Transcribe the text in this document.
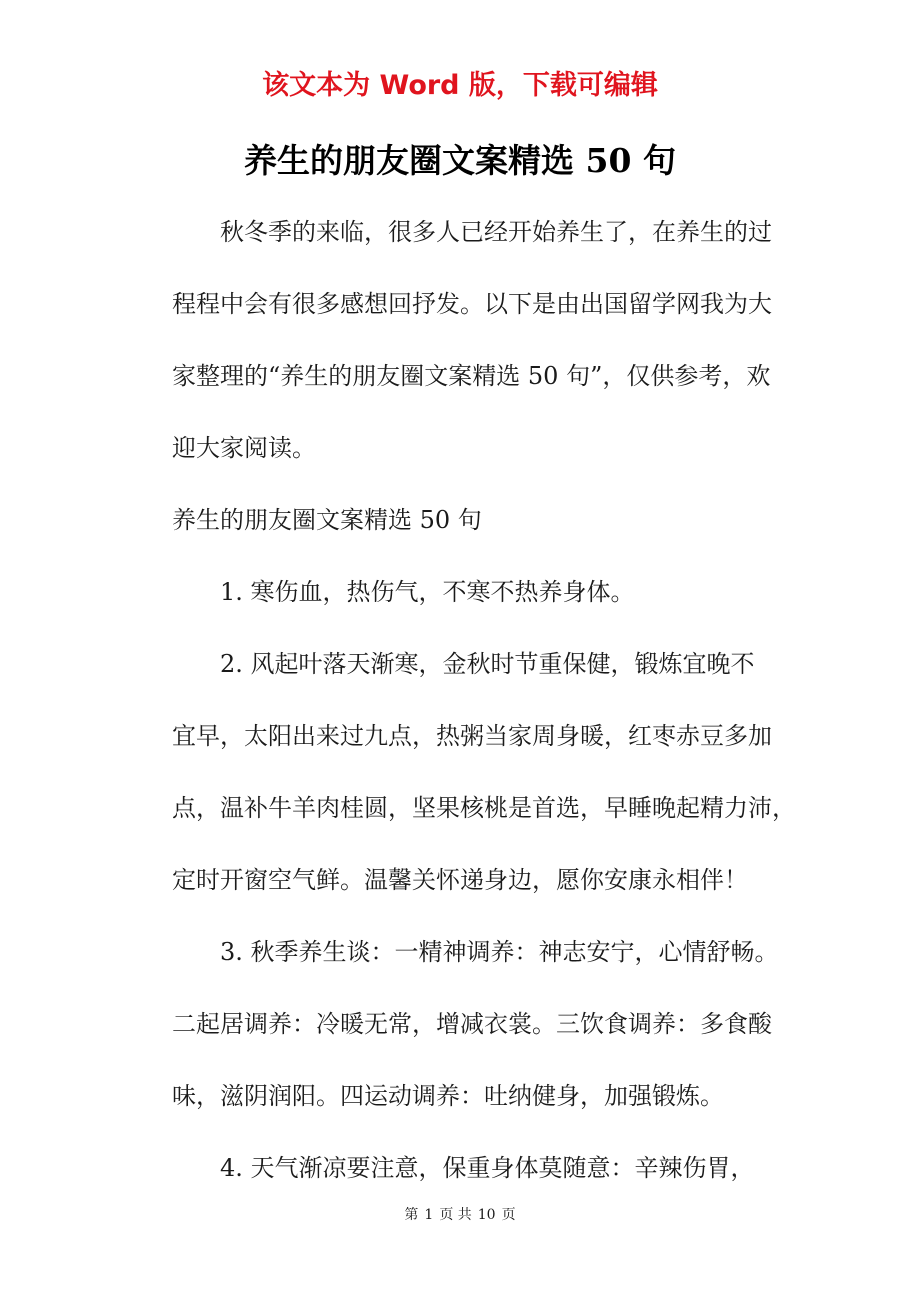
该文本为 Word 版，下载可编辑
养生的朋友圈文案精选 50 句
秋冬季的来临，很多人已经开始养生了，在养生的过
程程中会有很多感想回抒发。以下是由出国留学网我为大
家整理的“养生的朋友圈文案精选 50 句”，仅供参考，欢
迎大家阅读。
养生的朋友圈文案精选 50 句
1. 寒伤血，热伤气，不寒不热养身体。
2. 风起叶落天渐寒，金秋时节重保健，锻炼宜晚不
宜早，太阳出来过九点，热粥当家周身暖，红枣赤豆多加
点，温补牛羊肉桂圆，坚果核桃是首选，早睡晚起精力沛，
定时开窗空气鲜。温馨关怀递身边，愿你安康永相伴！
3. 秋季养生谈：一精神调养：神志安宁，心情舒畅。
二起居调养：冷暖无常，增减衣裳。三饮食调养：多食酸
味，滋阴润阳。四运动调养：吐纳健身，加强锻炼。
4. 天气渐凉要注意，保重身体莫随意：辛辣伤胃，
第 1 页 共 10 页
